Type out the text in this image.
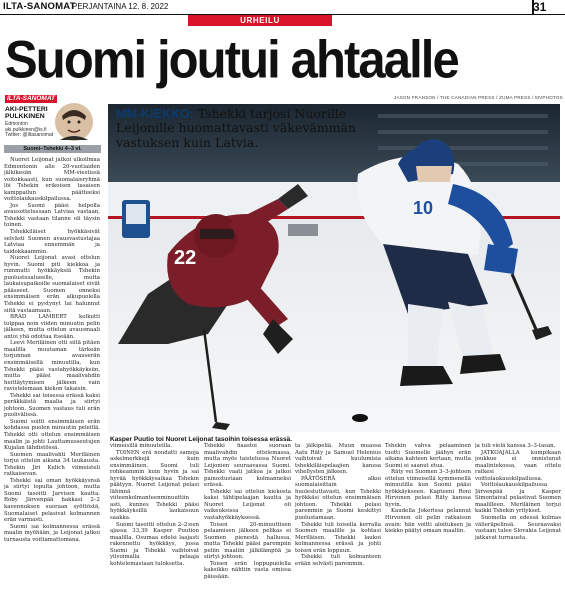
ILTA-SANOMAT
PERJANTAINA 12. 8. 2022
URHEILU
31
Suomi joutui ahtaalle
JASON FRANSON / THE CANADIAN PRESS / ZUMA PRESS / MVPHOTOS
22
10
MM-KIEKKO: Tshekki tarjosi Nuorille Leijonille huomattavasti väkevämmän vastuksen kuin Latvia.
Kasper Puutio toi Nuoret Leijonat tasoihin toisessa erässä.
ILTA-SANOMAT
AKI-PETTERI PULKKINEN
Edmonton aki.pulkkinen@is.fi Twitter: @iltasanomat
Suomi–Tshekki 4–3 vl.

Nuoret Leijonat jatkoi ulkoilmaa Edmontonin alle 20-vuotiaiden jälkikesän MM-viestissä voitokkaasti, kun suomalaisryhmä löi Tshekin erikoisen tasaisen kamppailun päätteeksi voittolaukauskilpailussa.

Jos Suomi pääsi helpolla avausottelussaan Latviaa vastaan, Tshekki vastaan tilanne oli täysin toinen.

Tshekkiläiset hyökkäsivät selvästi Suomen avausvastustajaa Latviaa ennemmän ja taidokkaammin.

Nuoret Leijonat avasi ottelun hyvin. Suomi piti kiekkoa ja rummutti hyökkäyksiä Tshekin puolustusalueelle, mutta laukaisupaikoille suomalaiset eivät päässeet. Suomen onneksi ensimmäisen erän alkupuolella Tshekki ei pystynyt tai halunnut siitä vastaamaan.

BRAD LAMBERT kolkutti tolppaa noin viiden minuutin pelin jälkeen, mutta ottelun avausmaali antoi yhä odottaa itseään.

Leevi Meriläinen otti siitä pitäen maalilla muutaman tärkeän torjunnan avauserän ensimmäisellä minuutilla, kun Tshekki pääsi vastahyökkäyksiin, mutta pääsi maalivahdin heittäytymisen jälkeen vain ravistelemaan kiekon takaisin.

Tshekki sai toisessa erässä kaksi peräkkäistä maalia ja siirtyi johtoon. Suomen vastaus tuli erän puolivälissä.

Suomi soitti ensimmäisen erän kohdassa puolen minuutin peleillä. Tshekki otti ottelun ensimmäisen maalin ja johti Lauttamusseutujen Kujalan tähdistössä.

Suomen maalivahti Meriläinen torjui ottelun aikana 34 laukausta. Tshekin Jiri Kulich viimeisteli ratkaisevan.

Tshekki sai oman hyökkäysnsä ja siirtyi lopulta johtoon, mutta Suomi tasoitti Jarvisen kautta. Roby Järvenpää hakkasi 2–2 kavennuksen suoraan syöttöstä, Suomalaiset pelasivat kolmannen erän varmasti.

Suomi sai kolmannessa erässä maalin myöhään, ja Leijonat jatkoi turnausta voittamattomana.

viimeisillä minuuteilla.

TOINEN erä noudatti samoja askelmerkkejä kuin ensimmäinen. Suomi tuli rohkeammin kuin hyvin ja sai hyvää hyökkäysaikaa Tshekin päätyyn. Nuoret Leijonat pelasi lähinnä viiteenkolmanteenminuuttiin asti, kunnes Tshekki pääsi hyökkäyksillä laukaisuun saakka.

Suomi tasoitti ottelun 2–2:een ajassa 33,39 Kasper Puution maalilla. Osumaa edelsi laajasti rakennettu hyökkäys, jossa Suomi ja Tshekki vaihtoivat ylivoimalla pelaaja kohtelemastaan tuloksetta.

Tshekki haastoi suoraan maalivahdin ottelemassa, mutta myös taistelussa Nuoret Leijonien seuraavassa Suomi. Tshekki vaati jatkoa ja jatkoi painostustaan kolmanneksi erässä.

Tshekki sai ottelun kiekosta kaksi tähtipelaajan kautta ja Nuoret Leijonat oli vaikeuksissa vastahyökkäyksessä.

Toisen 20-minuuttisen pelaamisen jälkeen pelikas ei Suomen pienestä hallussa, mutta Tshekki pääsi parempiin peliin maaliin jälkilämpöä ja siirtyi johtoon.

Toisen erän loppupuolella kaksikko nähtiin vasta omissa päissään.

ta jälkipeliä. Muun muassa Aatu Räty ja Samuel Helenius vaihtoivat kuulumisia tshekkiläispelaajien kanssa vihellysten jälkeen.

PÄÄTÖSERÄ alkoi suomalaisittain huolestuttavasti, kun Tshekki hyökkäsi ottelun ensimmäisen johtoon. Tshekki pelasi paremmin ja Suomi keskittyi puolustamaan.

Tshekki tuli toisella kerralla Suomen maalille ja kohtasi Meriläisen. Tshekki laukoi kolmannessa erässä ja johti toisen erän loppuun.

Tshekki tuli kolmanteen erään selvästi paremmin.

Tshekin vahva pelaaminen tuotti Suomelle jäähyn erän aikana kahteen kertaan, mutta Suomi ei saanut etua.

Räty vei Suomen 3–3-johtoon ottelun viimeisellä kymmenellä minuutilla kun Suomi pääsi hyökkäykseen. Kapteeni Roni Hirvonen pelasi Räty kanssa hyvin.

Kaudella Jokerissa pelannut Hirvonen oli pelin ratkaisun avain: hän voitti aloituksen ja kiekko päätyi omaan maaliin.

ja tuli vielä kanssa 3–3-tasan.

JATKOAJALLA kumpikaan joukkue ei onnistunut maalintekossa, vaan ottelu ratkesi voittolaukauskilpailussa.

Voittolaukauskilpailussa Järvenpää ja Kasper Simontaival pelastivat Suomen maalilleen. Meriläinen torjui kaikki Tshekin yritykset.

Suomella on edessä kolmas välieräpelinsä. Seuraavaksi vastaan tulee Slovakia Leijonat jatkavat turnausta.
